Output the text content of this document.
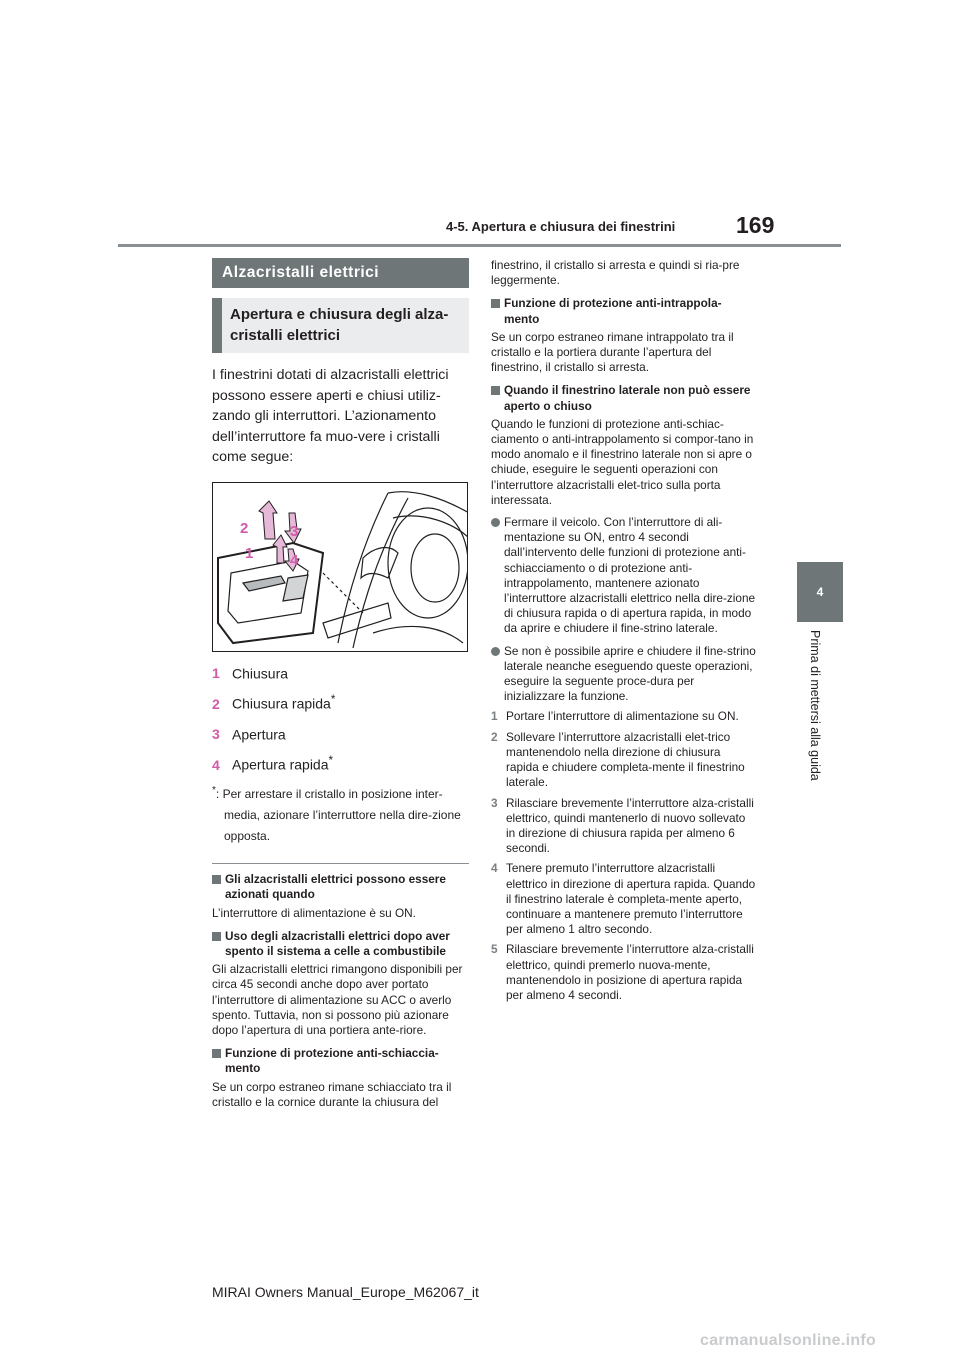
169
4-5. Apertura e chiusura dei finestrini
4
Prima di mettersi alla guida
Alzacristalli elettrici
Apertura e chiusura degli alza-cristalli elettrici
I finestrini dotati di alzacristalli elettrici possono essere aperti e chiusi utiliz-zando gli interruttori. L’azionamento dell’interruttore fa muo-vere i cristalli come segue:
2
1
3
4
1 Chiusura
2 Chiusura rapida*
3 Apertura
4 Apertura rapida*
*: Per arrestare il cristallo in posizione inter-media, azionare l’interruttore nella dire-zione opposta.
Gli alzacristalli elettrici possono essere azionati quando
L’interruttore di alimentazione è su ON.
Uso degli alzacristalli elettrici dopo aver spento il sistema a celle a combustibile
Gli alzacristalli elettrici rimangono disponibili per circa 45 secondi anche dopo aver portato l’interruttore di alimentazione su ACC o averlo spento. Tuttavia, non si possono più azionare dopo l’apertura di una portiera ante-riore.
Funzione di protezione anti-schiaccia-mento
Se un corpo estraneo rimane schiacciato tra il cristallo e la cornice durante la chiusura del
finestrino, il cristallo si arresta e quindi si ria-pre leggermente.
Funzione di protezione anti-intrappola-mento
Se un corpo estraneo rimane intrappolato tra il cristallo e la portiera durante l’apertura del finestrino, il cristallo si arresta.
Quando il finestrino laterale non può essere aperto o chiuso
Quando le funzioni di protezione anti-schiac-ciamento o anti-intrappolamento si compor-tano in modo anomalo e il finestrino laterale non si apre o chiude, eseguire le seguenti operazioni con l’interruttore alzacristalli elet-trico sulla porta interessata.
Fermare il veicolo. Con l’interruttore di ali-mentazione su ON, entro 4 secondi dall’intervento delle funzioni di protezione anti-schiacciamento o di protezione anti-intrappolamento, mantenere azionato l’interruttore alzacristalli elettrico nella dire-zione di chiusura rapida o di apertura rapida, in modo da aprire e chiudere il fine-strino laterale.
Se non è possibile aprire e chiudere il fine-strino laterale neanche eseguendo queste operazioni, eseguire la seguente proce-dura per inizializzare la funzione.
1 Portare l’interruttore di alimentazione su ON.
2 Sollevare l’interruttore alzacristalli elet-trico mantenendolo nella direzione di chiusura rapida e chiudere completa-mente il finestrino laterale.
3 Rilasciare brevemente l’interruttore alza-cristalli elettrico, quindi mantenerlo di nuovo sollevato in direzione di chiusura rapida per almeno 6 secondi.
4 Tenere premuto l’interruttore alzacristalli elettrico in direzione di apertura rapida. Quando il finestrino laterale è completa-mente aperto, continuare a mantenere premuto l’interruttore per almeno 1 altro secondo.
5 Rilasciare brevemente l’interruttore alza-cristalli elettrico, quindi premerlo nuova-mente, mantenendolo in posizione di apertura rapida per almeno 4 secondi.
MIRAI Owners Manual_Europe_M62067_it
carmanualsonline.info
